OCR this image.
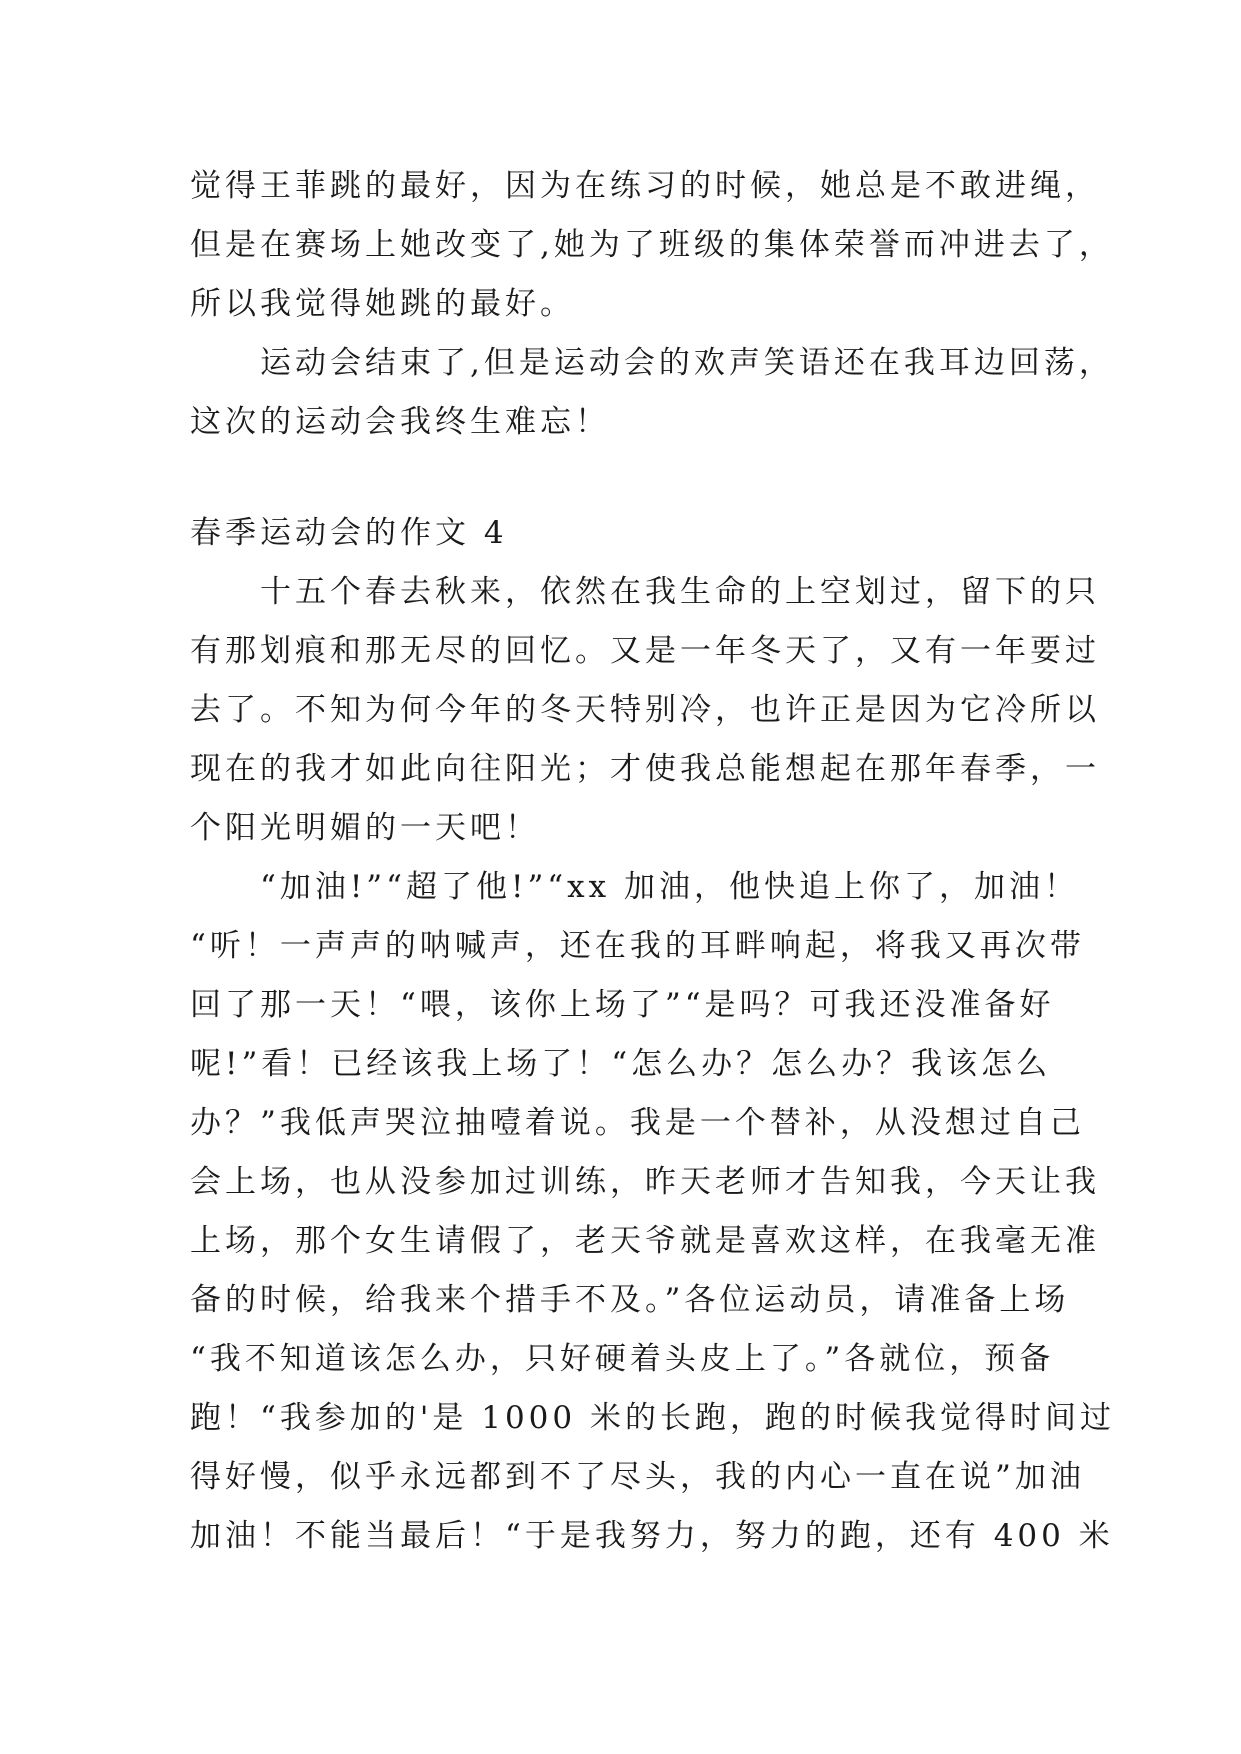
觉得王菲跳的最好，因为在练习的时候，她总是不敢进绳，
但是在赛场上她改变了,她为了班级的集体荣誉而冲进去了，
所以我觉得她跳的最好。
　　运动会结束了,但是运动会的欢声笑语还在我耳边回荡，
这次的运动会我终生难忘！
春季运动会的作文 4
　　十五个春去秋来，依然在我生命的上空划过，留下的只
有那划痕和那无尽的回忆。又是一年冬天了，又有一年要过
去了。不知为何今年的冬天特别冷，也许正是因为它冷所以
现在的我才如此向往阳光；才使我总能想起在那年春季，一
个阳光明媚的一天吧！
　　“加油!”“超了他!”“xx 加油，他快追上你了，加油！
“听！一声声的呐喊声，还在我的耳畔响起，将我又再次带
回了那一天！“喂，该你上场了”“是吗？可我还没准备好
呢!”看！已经该我上场了！“怎么办？怎么办？我该怎么
办？”我低声哭泣抽噎着说。我是一个替补，从没想过自己
会上场，也从没参加过训练，昨天老师才告知我，今天让我
上场，那个女生请假了，老天爷就是喜欢这样，在我毫无准
备的时候，给我来个措手不及。”各位运动员，请准备上场
“我不知道该怎么办，只好硬着头皮上了。”各就位，预备
跑！“我参加的'是 1000 米的长跑，跑的时候我觉得时间过
得好慢，似乎永远都到不了尽头，我的内心一直在说”加油
加油！不能当最后！“于是我努力，努力的跑，还有 400 米
